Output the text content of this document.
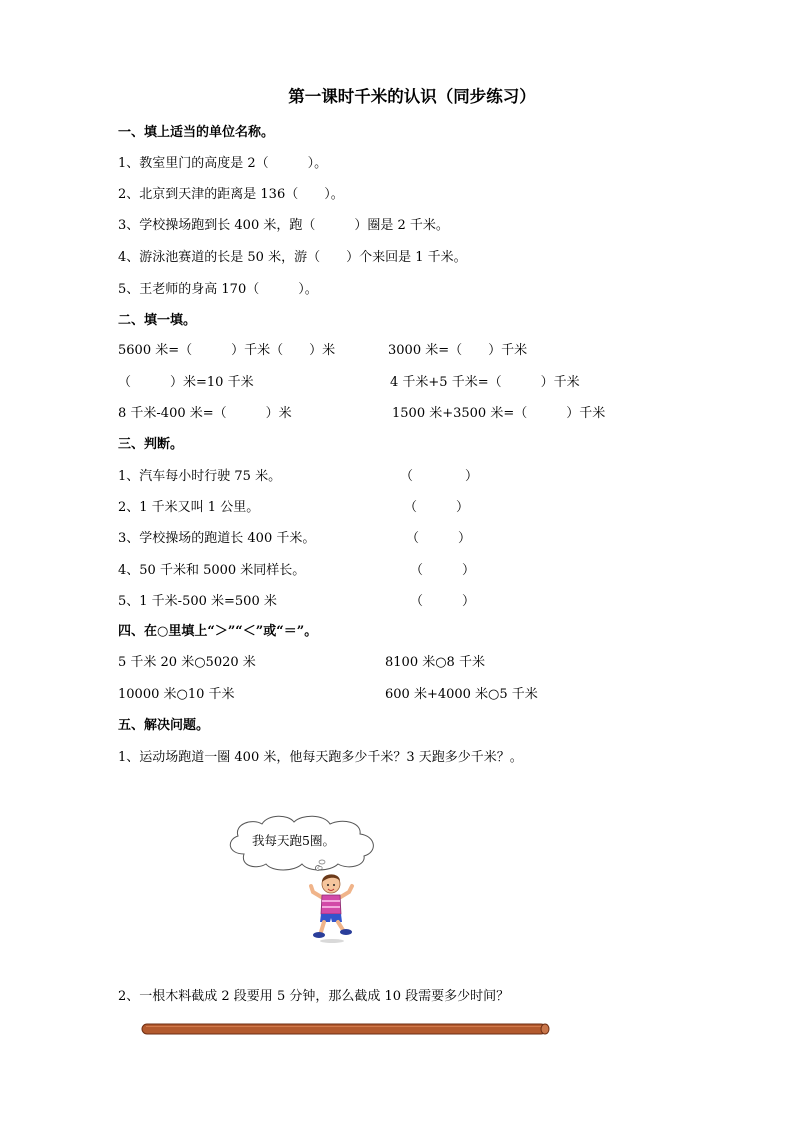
第一课时千米的认识（同步练习）
一、填上适当的单位名称。
1、教室里门的高度是 2（　　　）。
2、北京到天津的距离是 136（　　）。
3、学校操场跑到长 400 米，跑（　　　）圈是 2 千米。
4、游泳池赛道的长是 50 米，游（　　）个来回是 1 千米。
5、王老师的身高 170（　　　）。
二、填一填。
5600 米=（　　　）千米（　　）米	3000 米=（　　）千米
（　　　）米=10 千米	4 千米+5 千米=（　　　）千米
8 千米-400 米=（　　　）米	1500 米+3500 米=（　　　）千米
三、判断。
1、汽车每小时行驶 75 米。	（　　　　）
2、1 千米又叫 1 公里。	（　　　）
3、学校操场的跑道长 400 千米。	（　　　）
4、50 千米和 5000 米同样长。	（　　　）
5、1 千米-500 米=500 米	（　　　）
四、在○里填上“＞”“＜”或“＝”。
5 千米 20 米○5020 米	8100 米○8 千米
10000 米○10 千米	600 米+4000 米○5 千米
五、解决问题。
1、运动场跑道一圈 400 米，他每天跑多少千米？3 天跑多少千米？。
我每天跑5圈。
2、一根木料截成 2 段要用 5 分钟，那么截成 10 段需要多少时间？
